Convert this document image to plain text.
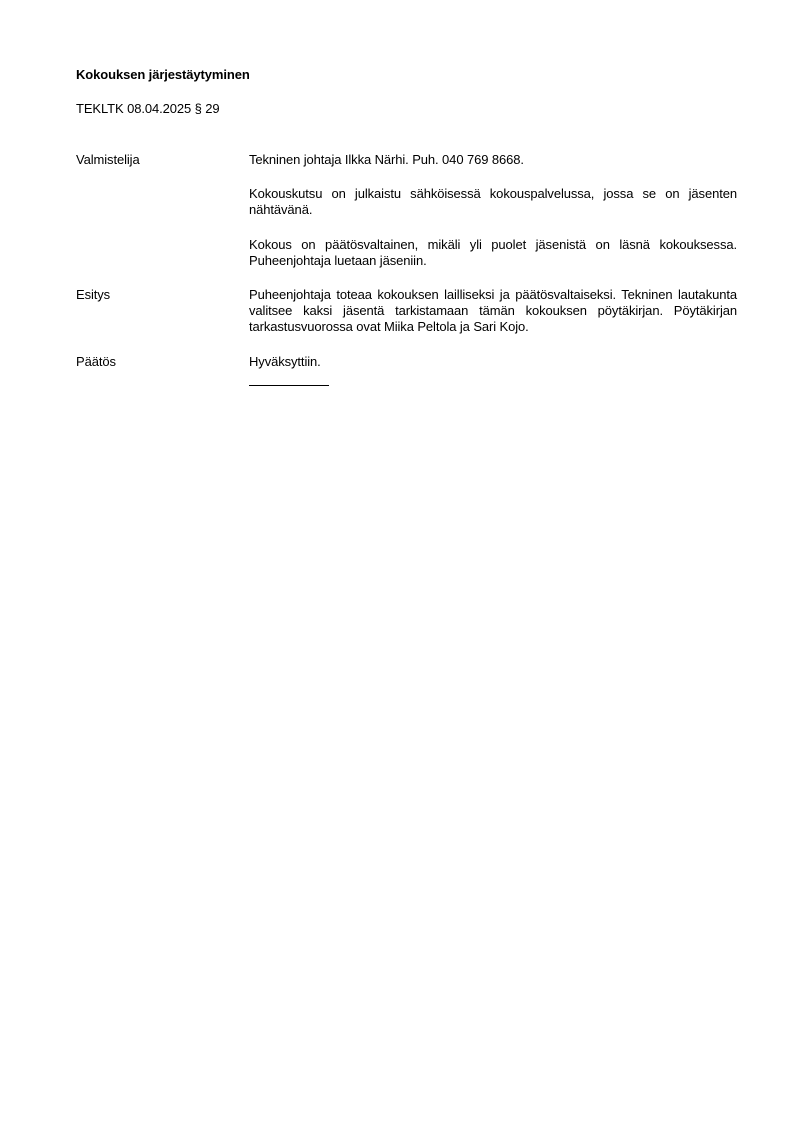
Kokouksen järjestäytyminen
TEKLTK 08.04.2025 § 29
Valmistelija	Tekninen johtaja Ilkka Närhi. Puh. 040 769 8668.
Kokouskutsu on julkaistu sähköisessä kokouspalvelussa, jossa se on jäsenten nähtävänä.
Kokous on päätösvaltainen, mikäli yli puolet jäsenistä on läsnä kokouksessa. Puheenjohtaja luetaan jäseniin.
Esitys	Puheenjohtaja toteaa kokouksen lailliseksi ja päätösvaltaiseksi. Tekninen lautakunta valitsee kaksi jäsentä tarkistamaan tämän kokouksen pöytäkirjan. Pöytäkirjan tarkastusvuorossa ovat Miika Peltola ja Sari Kojo.
Päätös	Hyväksyttiin.
